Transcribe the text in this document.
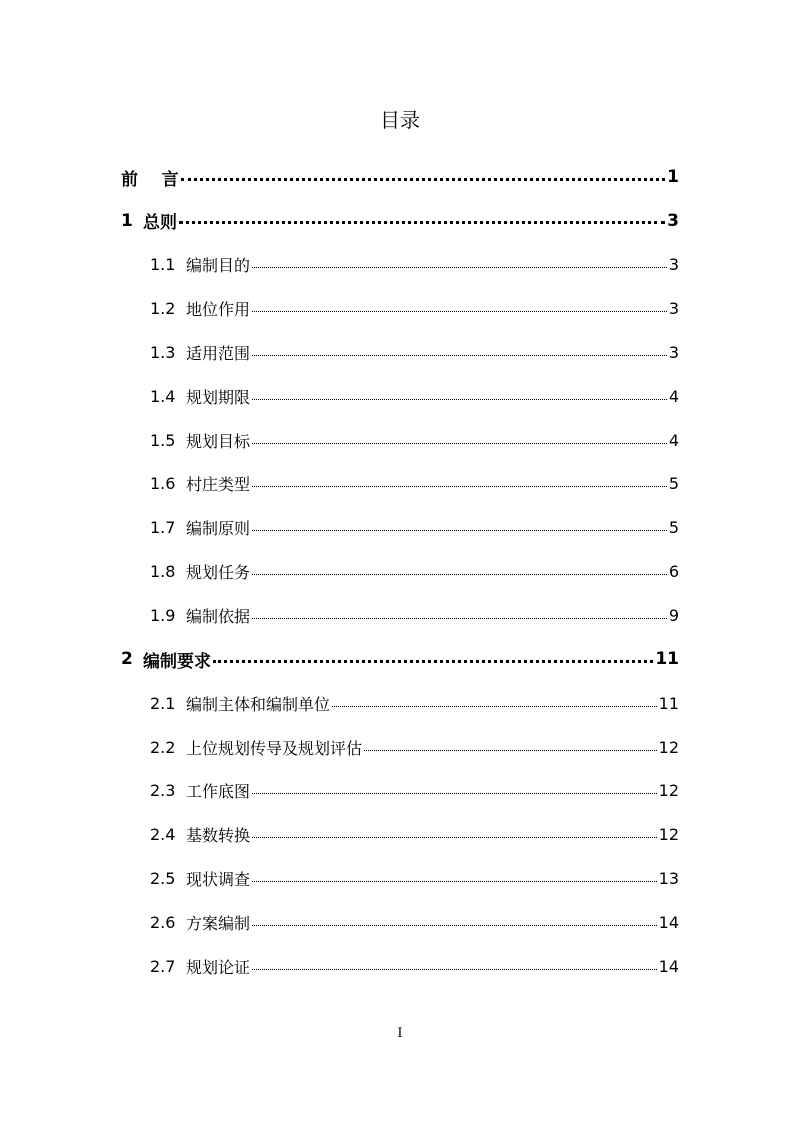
目录
前    言	1
1 总则	3
1.1 编制目的	3
1.2 地位作用	3
1.3 适用范围	3
1.4 规划期限	4
1.5 规划目标	4
1.6 村庄类型	5
1.7 编制原则	5
1.8 规划任务	6
1.9 编制依据	9
2 编制要求	11
2.1 编制主体和编制单位	11
2.2 上位规划传导及规划评估	12
2.3 工作底图	12
2.4 基数转换	12
2.5 现状调查	13
2.6 方案编制	14
2.7 规划论证	14
I
